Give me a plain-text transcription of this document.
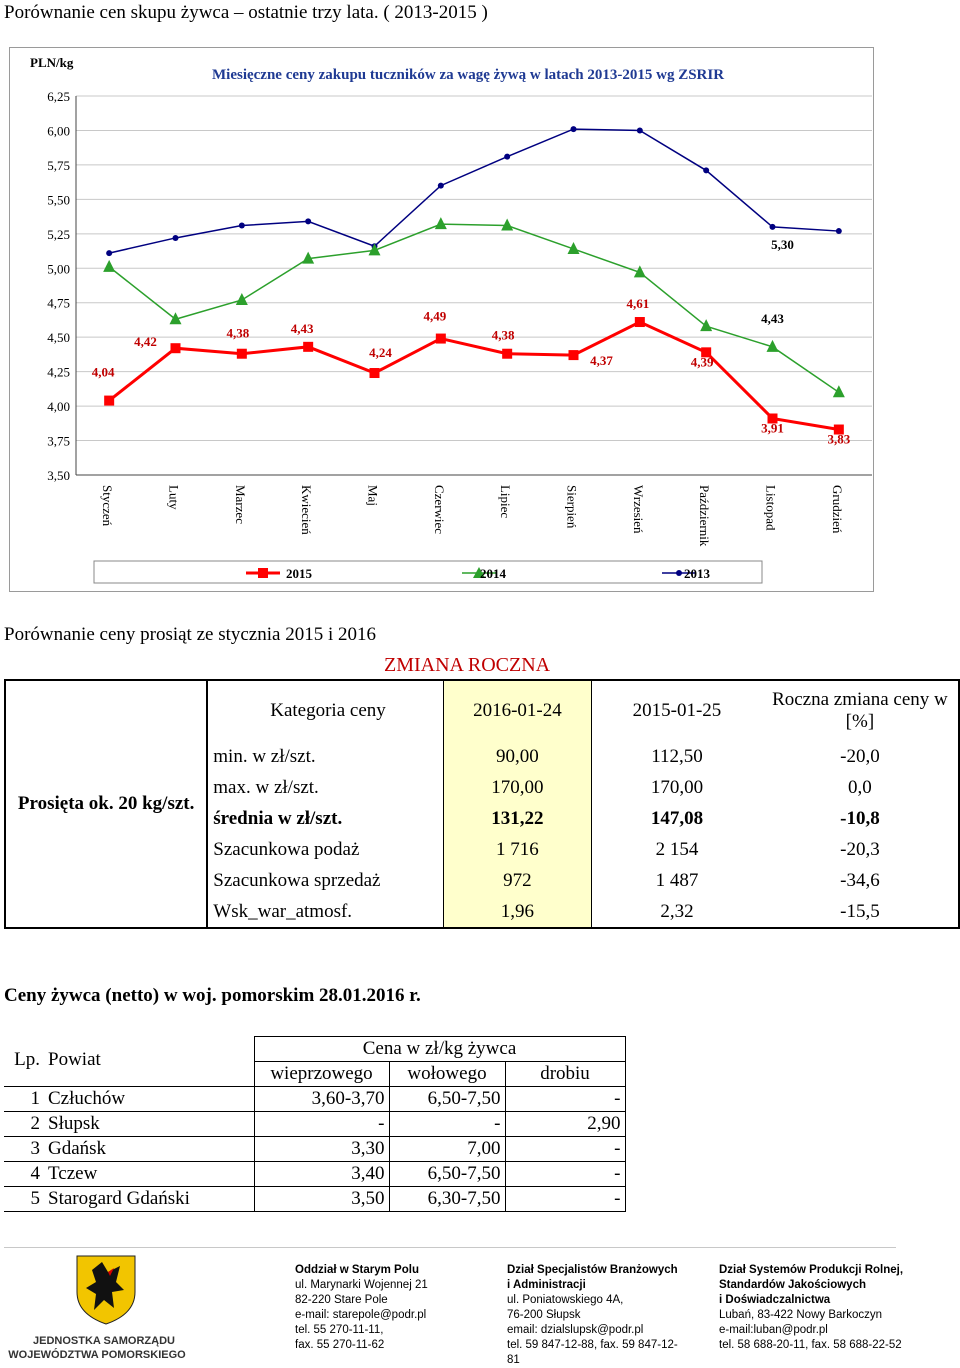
Porównanie cen skupu żywca – ostatnie trzy lata. ( 2013-2015 )
6,25
6,00
5,75
5,50
5,25
5,00
4,75
4,50
4,25
4,00
3,75
3,50
PLN/kg
Miesięczne ceny zakupu tuczników za wagę żywą w latach 2013-2015 wg ZSRIR
Styczeń	Luty	Marzec	Kwiecień	Maj	Czerwiec	Lipiec	Sierpień	Wrzesień	Październik	Listopad	Grudzień
4,04
4,42
4,38	4,43
4,24
4,49
4,38
4,37
4,61
4,39
3,91
3,83
4,43
5,30
2015	2014	2013
Porównanie ceny prosiąt ze stycznia 2015 i 2016
ZMIANA ROCZNA
Prosięta ok. 20 kg/szt.	Kategoria ceny	2016-01-24	2015-01-25	Roczna zmiana ceny w [%]
	min. w zł/szt.	90,00	112,50	-20,0
	max. w zł/szt.	170,00	170,00	0,0
	średnia w zł/szt.	131,22	147,08	-10,8
	Szacunkowa podaż	1 716	2 154	-20,3
	Szacunkowa sprzedaż	972	1 487	-34,6
	Wsk_war_atmosf.	1,96	2,32	-15,5
Ceny żywca (netto) w woj. pomorskim 28.01.2016 r.
Lp.	Powiat	Cena w zł/kg żywca		
		wieprzowego	wołowego	drobiu
1	Człuchów	3,60-3,70	6,50-7,50	-
2	Słupsk	-	-	2,90
3	Gdańsk	3,30	7,00	-
4	Tczew	3,40	6,50-7,50	-
5	Starogard Gdański	3,50	6,30-7,50	-
JEDNOSTKA SAMORZĄDU
WOJEWÓDZTWA POMORSKIEGO
Oddział w Starym Polu
ul. Marynarki Wojennej 21
82-220 Stare Pole
e-mail: starepole@podr.pl
tel. 55 270-11-11,
fax. 55 270-11-62
Dział Specjalistów Branżowych
i Administracji
ul. Poniatowskiego 4A,
76-200 Słupsk
email: dzialslupsk@podr.pl
tel. 59 847-12-88, fax. 59 847-12-
81
Dział Systemów Produkcji Rolnej,
Standardów Jakościowych
i Doświadczalnictwa
Lubań, 83-422 Nowy Barkoczyn
e-mail:luban@podr.pl
tel. 58 688-20-11, fax. 58 688-22-52
